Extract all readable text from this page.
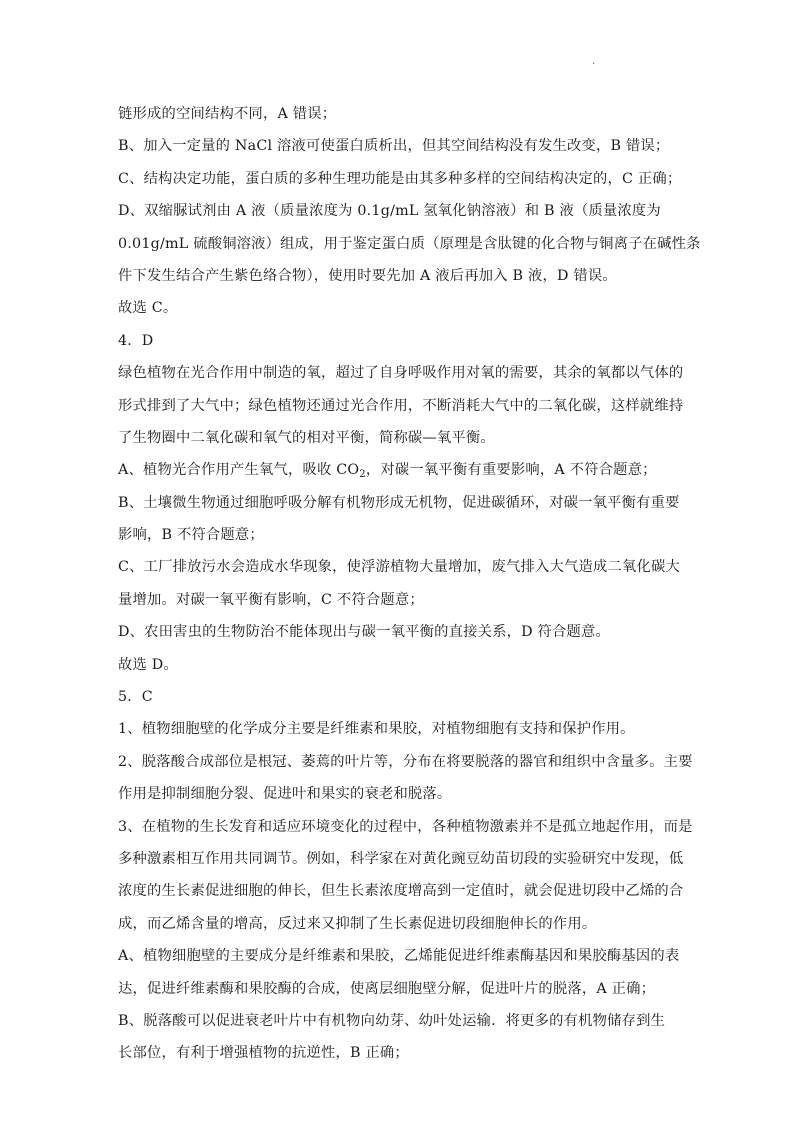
.
链形成的空间结构不同，A 错误；
B、加入一定量的 NaCl 溶液可使蛋白质析出，但其空间结构没有发生改变，B 错误；
C、结构决定功能，蛋白质的多种生理功能是由其多种多样的空间结构决定的，C 正确；
D、双缩脲试剂由 A 液（质量浓度为 0.1g/mL 氢氧化钠溶液）和 B 液（质量浓度为
0.01g/mL 硫酸铜溶液）组成，用于鉴定蛋白质（原理是含肽键的化合物与铜离子在碱性条
件下发生结合产生紫色络合物），使用时要先加 A 液后再加入 B 液，D 错误。
故选 C。
4．D
绿色植物在光合作用中制造的氧，超过了自身呼吸作用对氧的需要，其余的氧都以气体的
形式排到了大气中；绿色植物还通过光合作用，不断消耗大气中的二氧化碳，这样就维持
了生物圈中二氧化碳和氧气的相对平衡，简称碳—氧平衡。
A、植物光合作用产生氧气，吸收 $CO_2$，对碳一氧平衡有重要影响，A 不符合题意；
B、土壤微生物通过细胞呼吸分解有机物形成无机物，促进碳循环，对碳一氧平衡有重要
影响，B 不符合题意；
C、工厂排放污水会造成水华现象，使浮游植物大量增加，废气排入大气造成二氧化碳大
量增加。对碳一氧平衡有影响，C 不符合题意；
D、农田害虫的生物防治不能体现出与碳一氧平衡的直接关系，D 符合题意。
故选 D。
5．C
1、植物细胞壁的化学成分主要是纤维素和果胶，对植物细胞有支持和保护作用。
2、脱落酸合成部位是根冠、萎蔫的叶片等，分布在将要脱落的器官和组织中含量多。主要
作用是抑制细胞分裂、促进叶和果实的衰老和脱落。
3、在植物的生长发育和适应环境变化的过程中，各种植物激素并不是孤立地起作用，而是
多种激素相互作用共同调节。例如，科学家在对黄化豌豆幼苗切段的实验研究中发现，低
浓度的生长素促进细胞的伸长，但生长素浓度增高到一定值时，就会促进切段中乙烯的合
成，而乙烯含量的增高，反过来又抑制了生长素促进切段细胞伸长的作用。
A、植物细胞壁的主要成分是纤维素和果胶，乙烯能促进纤维素酶基因和果胶酶基因的表
达，促进纤维素酶和果胶酶的合成，使离层细胞壁分解，促进叶片的脱落，A 正确；
B、脱落酸可以促进衰老叶片中有机物向幼芽、幼叶处运输．将更多的有机物储存到生
长部位，有利于增强植物的抗逆性，B 正确；
